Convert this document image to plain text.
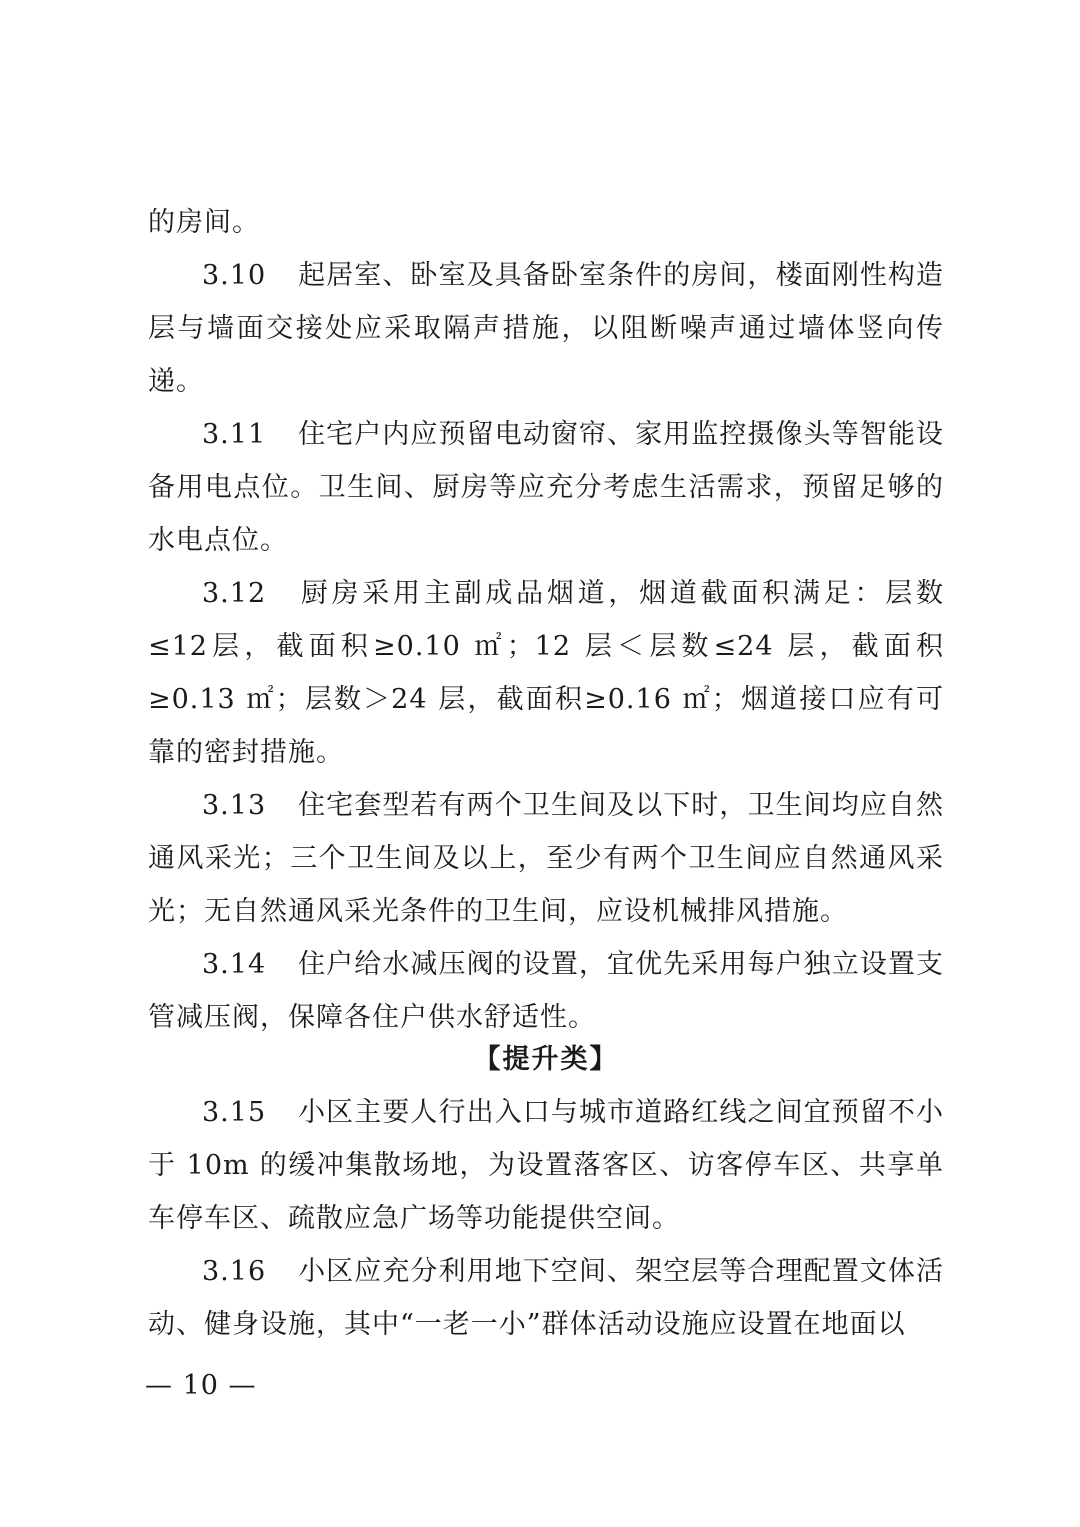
的房间。

3.10 起居室、卧室及具备卧室条件的房间，楼面刚性构造层与墙面交接处应采取隔声措施，以阻断噪声通过墙体竖向传递。

3.11 住宅户内应预留电动窗帘、家用监控摄像头等智能设备用电点位。卫生间、厨房等应充分考虑生活需求，预留足够的水电点位。

3.12 厨房采用主副成品烟道，烟道截面积满足：层数≤12层，截面积≥0.10 ㎡；12 层＜层数≤24 层，截面积≥0.13 ㎡；层数＞24 层，截面积≥0.16 ㎡；烟道接口应有可靠的密封措施。

3.13 住宅套型若有两个卫生间及以下时，卫生间均应自然通风采光；三个卫生间及以上，至少有两个卫生间应自然通风采光；无自然通风采光条件的卫生间，应设机械排风措施。

3.14 住户给水减压阀的设置，宜优先采用每户独立设置支管减压阀，保障各住户供水舒适性。

【提升类】

3.15 小区主要人行出入口与城市道路红线之间宜预留不小于 10m 的缓冲集散场地，为设置落客区、访客停车区、共享单车停车区、疏散应急广场等功能提供空间。

3.16 小区应充分利用地下空间、架空层等合理配置文体活动、健身设施，其中“一老一小”群体活动设施应设置在地面以

— 10 —
